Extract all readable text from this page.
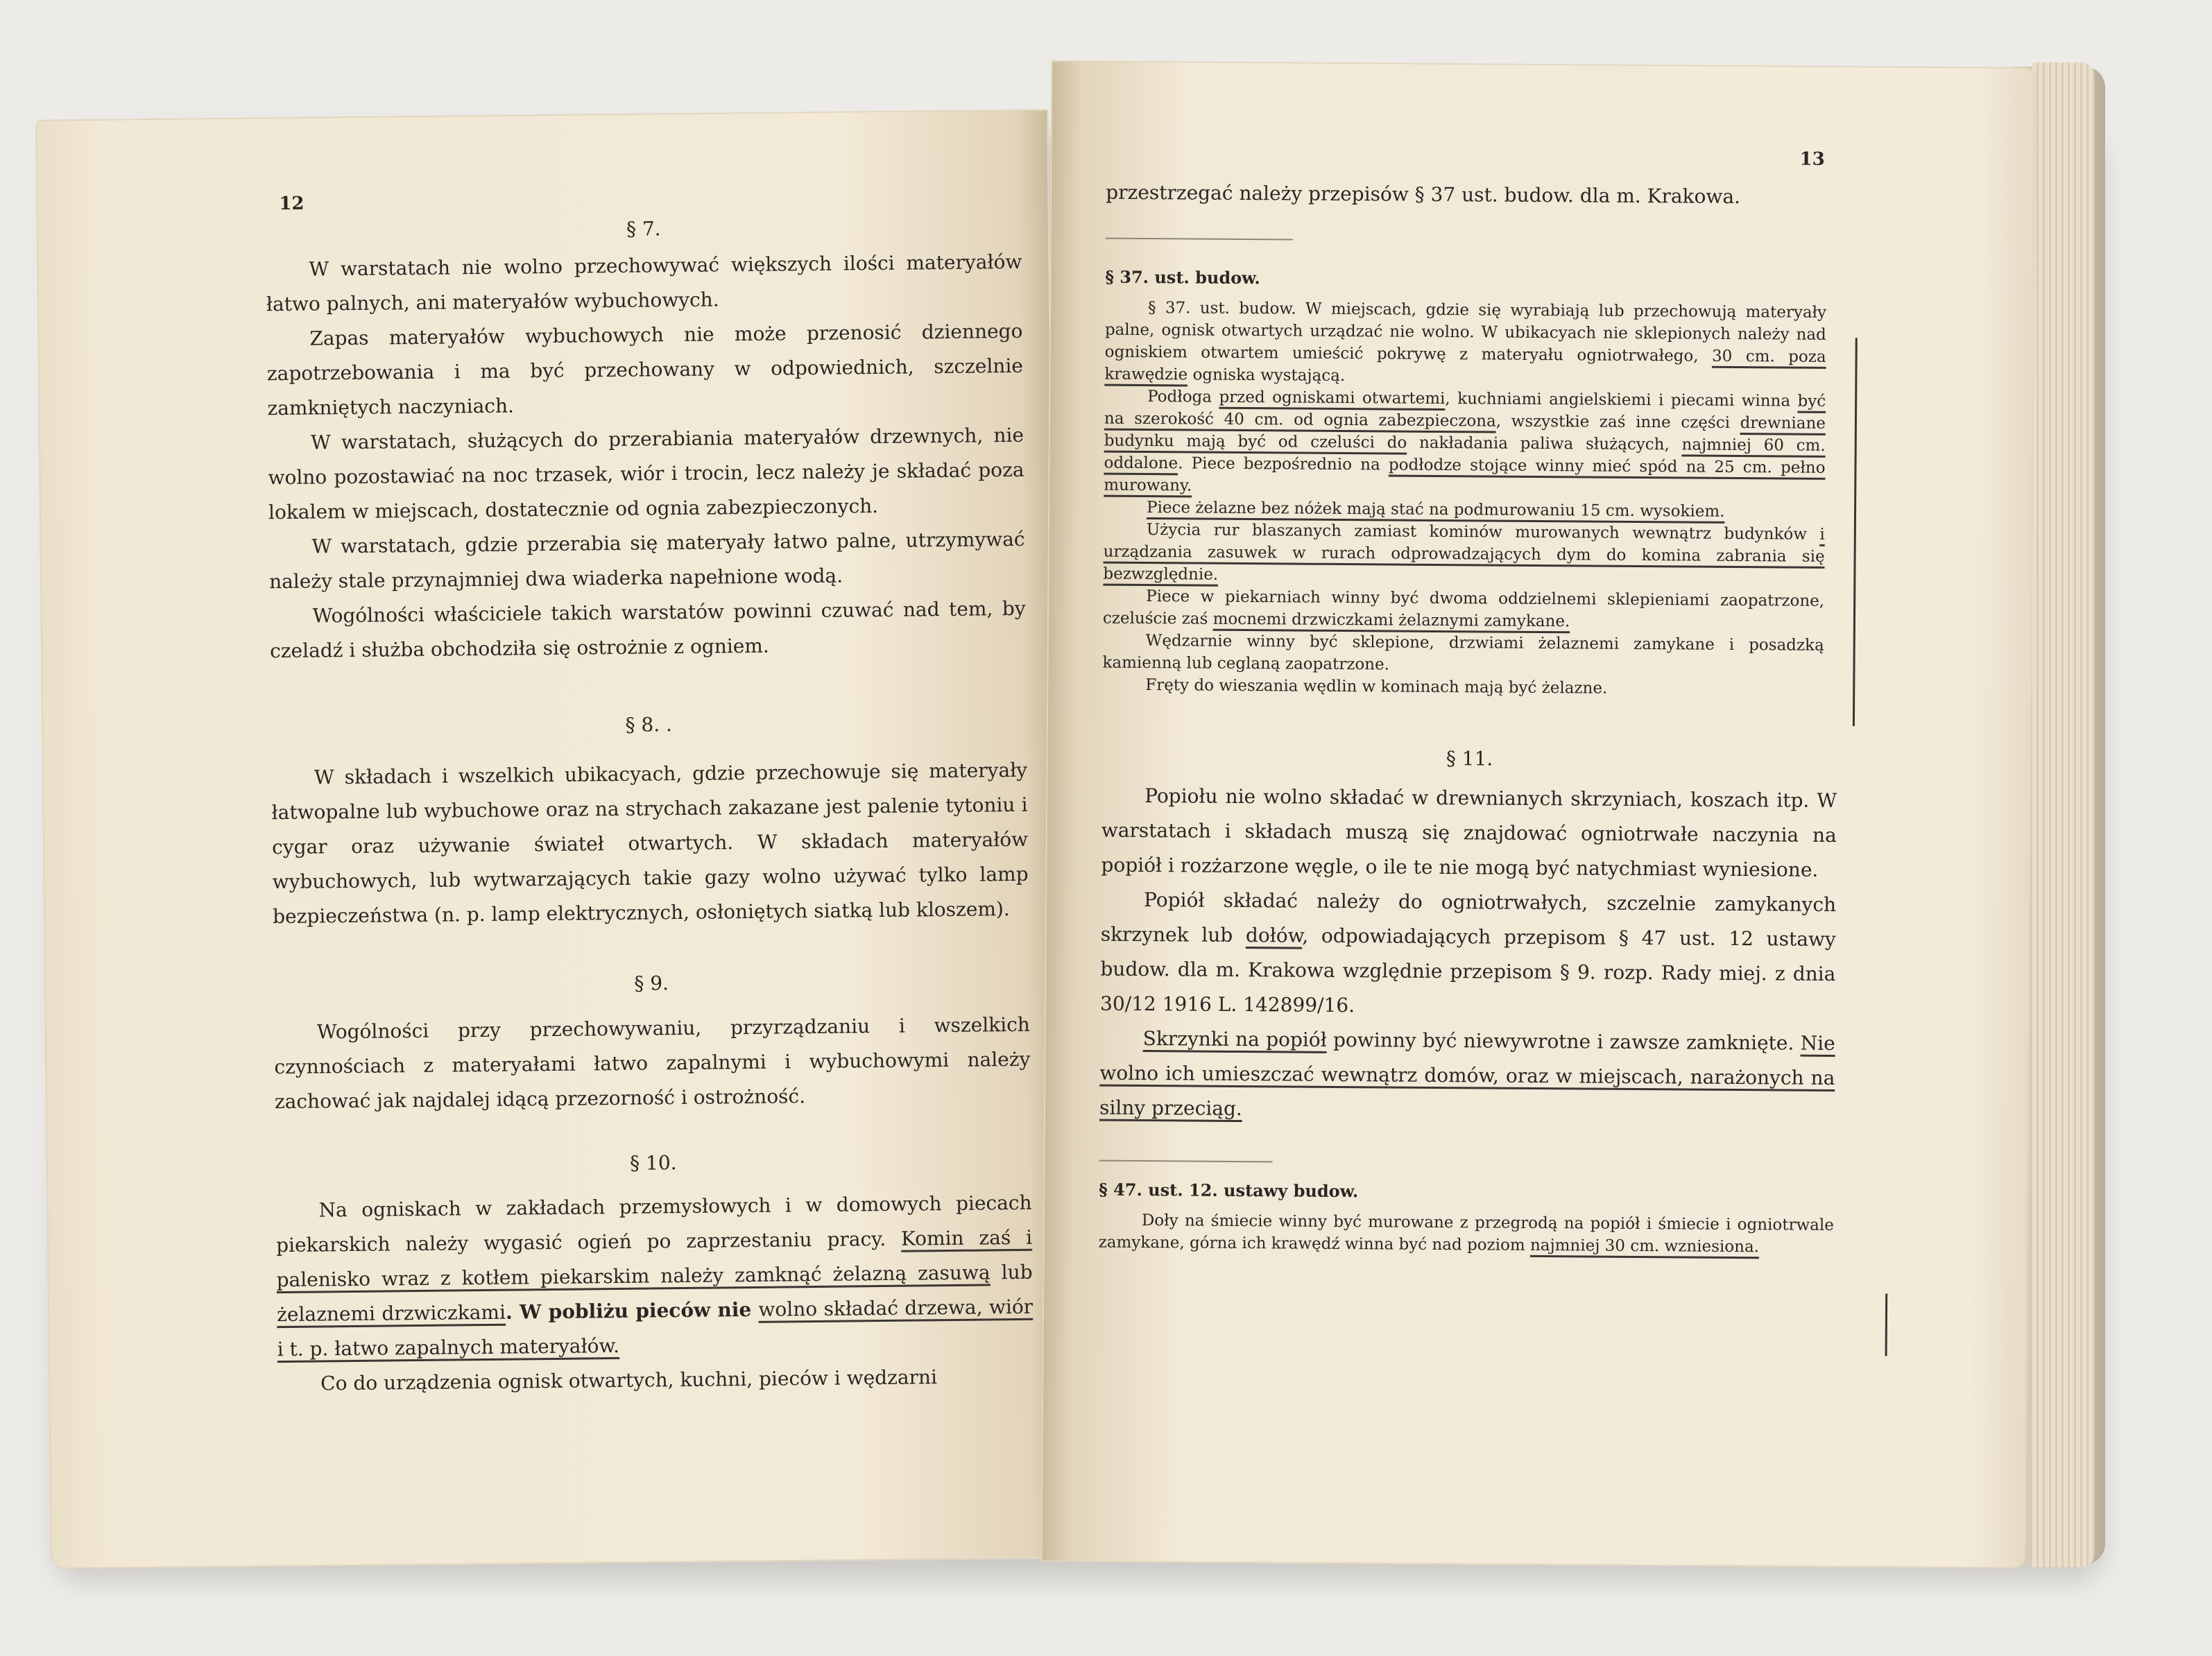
12

§ 7.

W warstatach nie wolno przechowywać większych ilości materyałów łatwo palnych, ani materyałów wybuchowych.

Zapas materyałów wybuchowych nie może przenosić dziennego zapotrzebowania i ma być przechowany w odpowiednich, szczelnie zamkniętych naczyniach.

W warstatach, służących do przerabiania materyałów drzewnych, nie wolno pozostawiać na noc trzasek, wiór i trocin, lecz należy je składać poza lokalem w miejscach, dostatecznie od ognia zabezpieczonych.

W warstatach, gdzie przerabia się materyały łatwo palne, utrzymywać należy stale przynajmniej dwa wiaderka napełnione wodą.

Wogólności właściciele takich warstatów powinni czuwać nad tem, by czeladź i służba obchodziła się ostrożnie z ogniem.

§ 8. .

W składach i wszelkich ubikacyach, gdzie przechowuje się materyały łatwopalne lub wybuchowe oraz na strychach zakazane jest palenie tytoniu i cygar oraz używanie świateł otwartych. W składach materyałów wybuchowych, lub wytwarzających takie gazy wolno używać tylko lamp bezpieczeństwa (n. p. lamp elektrycznych, osłoniętych siatką lub kloszem).

§ 9.

Wogólności przy przechowywaniu, przyrządzaniu i wszelkich czynnościach z materyałami łatwo zapalnymi i wybuchowymi należy zachować jak najdalej idącą przezorność i ostrożność.

§ 10.

Na ogniskach w zakładach przemysłowych i w domowych piecach piekarskich należy wygasić ogień po zaprzestaniu pracy. Komin zaś i palenisko wraz z kotłem piekarskim należy zamknąć żelazną zasuwą lub żelaznemi drzwiczkami. W pobliżu pieców nie wolno składać drzewa, wiór i t. p. łatwo zapalnych materyałów.

Co do urządzenia ognisk otwartych, kuchni, pieców i wędzarni

13

przestrzegać należy przepisów § 37 ust. budow. dla m. Krakowa.

§ 37. ust. budow.

§ 37. ust. budow. W miejscach, gdzie się wyrabiają lub przechowują materyały palne, ognisk otwartych urządzać nie wolno. W ubikacyach nie sklepionych należy nad ogniskiem otwartem umieścić pokrywę z materyału ogniotrwałego, 30 cm. poza krawędzie ogniska wystającą.

Podłoga przed ogniskami otwartemi, kuchniami angielskiemi i piecami winna być na szerokość 40 cm. od ognia zabezpieczona, wszystkie zaś inne części drewniane budynku mają być od czeluści do nakładania paliwa służących, najmniej 60 cm. oddalone. Piece bezpośrednio na podłodze stojące winny mieć spód na 25 cm. pełno murowany.

Piece żelazne bez nóżek mają stać na podmurowaniu 15 cm. wysokiem.

Użycia rur blaszanych zamiast kominów murowanych wewnątrz budynków i urządzania zasuwek w rurach odprowadzających dym do komina zabrania się bezwzględnie.

Piece w piekarniach winny być dwoma oddzielnemi sklepieniami zaopatrzone, czeluście zaś mocnemi drzwiczkami żelaznymi zamykane.

Wędzarnie winny być sklepione, drzwiami żelaznemi zamykane i posadzką kamienną lub ceglaną zaopatrzone.

Fręty do wieszania wędlin w kominach mają być żelazne.

§ 11.

Popiołu nie wolno składać w drewnianych skrzyniach, koszach itp. W warstatach i składach muszą się znajdować ogniotrwałe naczynia na popiół i rozżarzone węgle, o ile te nie mogą być natychmiast wyniesione.

Popiół składać należy do ogniotrwałych, szczelnie zamykanych skrzynek lub dołów, odpowiadających przepisom § 47 ust. 12 ustawy budow. dla m. Krakowa względnie przepisom § 9. rozp. Rady miej. z dnia 30/12 1916 L. 142899/16.

Skrzynki na popiół powinny być niewywrotne i zawsze zamknięte. Nie wolno ich umieszczać wewnątrz domów, oraz w miejscach, narażonych na silny przeciąg.

§ 47. ust. 12. ustawy budow.

Doły na śmiecie winny być murowane z przegrodą na popiół i śmiecie i ogniotrwale zamykane, górna ich krawędź winna być nad poziom najmniej 30 cm. wzniesiona.
